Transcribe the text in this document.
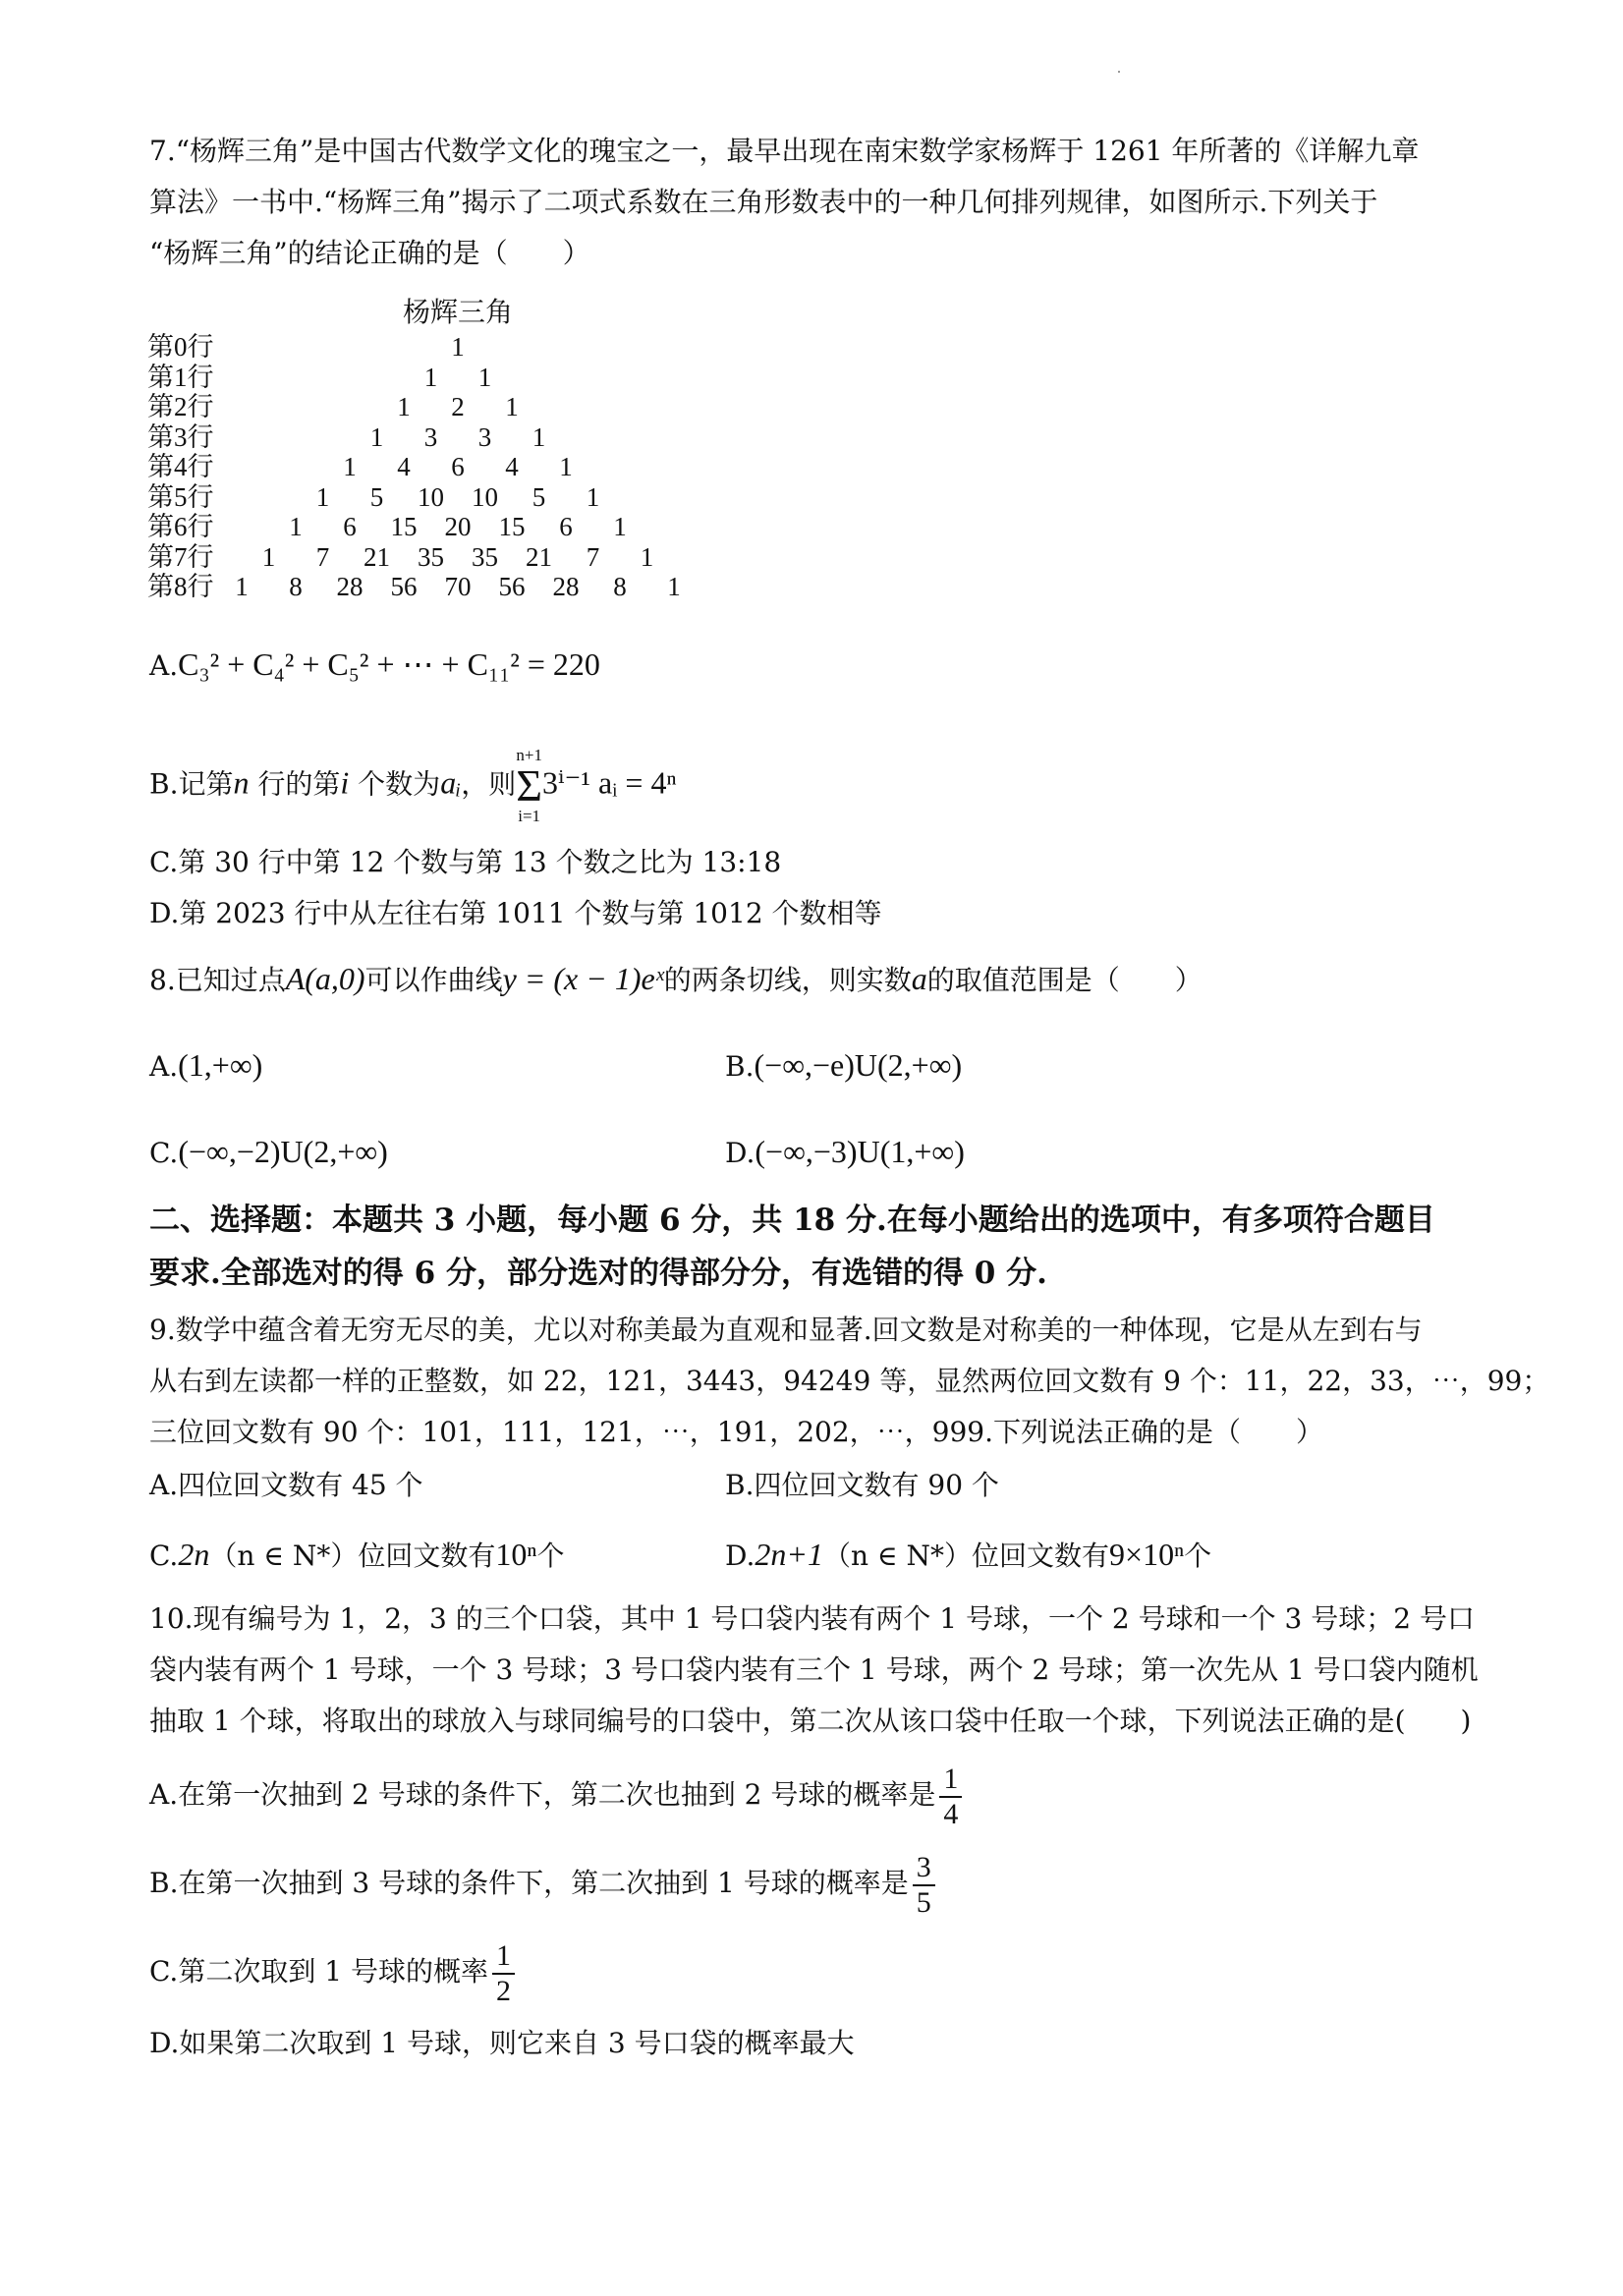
7.“杨辉三角”是中国古代数学文化的瑰宝之一，最早出现在南宋数学家杨辉于 1261 年所著的《详解九章
算法》一书中.“杨辉三角”揭示了二项式系数在三角形数表中的一种几何排列规律，如图所示.下列关于
“杨辉三角”的结论正确的是（　　）
杨辉三角
第0行	1
第1行	1	1
第2行	1	2	1
第3行	1	3	3	1
第4行	1	4	6	4	1
第5行	1	5	10	10	5	1
第6行	1	6	15	20	15	6	1
第7行	1	7	21	35	35	21	7	1
第8行 1	8	28	56	70	56	28	8	1
A.C₃² + C₄² + C₅² + ⋯ + C₁₁² = 220
B.记第n 行的第i 个数为aᵢ，则
n+1
Σ
i=1
3ⁱ⁻¹ aᵢ = 4ⁿ
C.第 30 行中第 12 个数与第 13 个数之比为 13:18
D.第 2023 行中从左往右第 1011 个数与第 1012 个数相等
8.已知过点A(a,0)可以作曲线y = (x − 1)eˣ的两条切线，则实数a的取值范围是（　　）
A.(1,+∞)	B.(−∞,−e)U(2,+∞)
C.(−∞,−2)U(2,+∞)	D.(−∞,−3)U(1,+∞)
二、选择题：本题共 3 小题，每小题 6 分，共 18 分.在每小题给出的选项中，有多项符合题目
要求.全部选对的得 6 分，部分选对的得部分分，有选错的得 0 分.
9.数学中蕴含着无穷无尽的美，尤以对称美最为直观和显著.回文数是对称美的一种体现，它是从左到右与
从右到左读都一样的正整数，如 22，121，3443，94249 等，显然两位回文数有 9 个：11，22，33，⋯，99；
三位回文数有 90 个：101，111，121，⋯，191，202，⋯，999.下列说法正确的是（　　）
A.四位回文数有 45 个	B.四位回文数有 90 个
C.2n（n ∈ N*）位回文数有10ⁿ个	D.2n+1（n ∈ N*）位回文数有9×10ⁿ个
10.现有编号为 1，2，3 的三个口袋，其中 1 号口袋内装有两个 1 号球，一个 2 号球和一个 3 号球；2 号口
袋内装有两个 1 号球，一个 3 号球；3 号口袋内装有三个 1 号球，两个 2 号球；第一次先从 1 号口袋内随机
抽取 1 个球，将取出的球放入与球同编号的口袋中，第二次从该口袋中任取一个球，下列说法正确的是(　　)
A.在第一次抽到 2 号球的条件下，第二次也抽到 2 号球的概率是 $\frac{1}{4}$
B.在第一次抽到 3 号球的条件下，第二次抽到 1 号球的概率是 $\frac{3}{5}$
C.第二次取到 1 号球的概率 $\frac{1}{2}$
D.如果第二次取到 1 号球，则它来自 3 号口袋的概率最大
